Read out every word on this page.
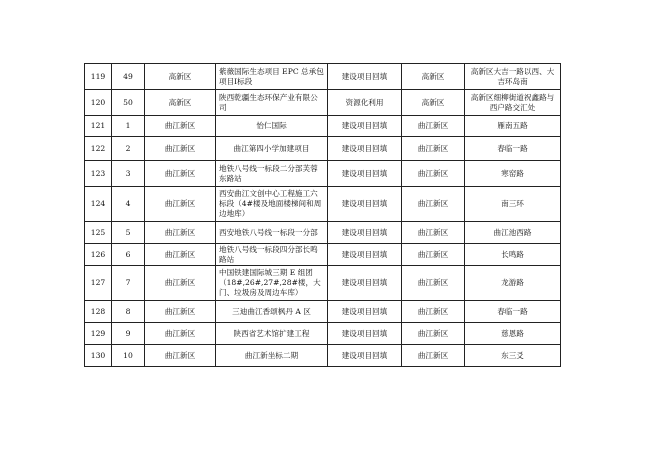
119	49	高新区	紫薇国际生态项目 EPC 总承包项目Ⅰ标段	建设项目回填	高新区	高新区大吉一路以西、大吉环岛南
120	50	高新区	陕西乾疆生态环保产业有限公司	资源化利用	高新区	高新区细柳街道祝鑫路与西户路交汇处
121	1	曲江新区	怡仁国际	建设项目回填	曲江新区	雁南五路
122	2	曲江新区	曲江第四小学加建项目	建设项目回填	曲江新区	春临一路
123	3	曲江新区	地铁八号线一标段二分部芙蓉东路站	建设项目回填	曲江新区	寒窑路
124	4	曲江新区	西安曲江文创中心工程施工六标段（4#楼及地面楼梯间和周边地库）	建设项目回填	曲江新区	南三环
125	5	曲江新区	西安地铁八号线一标段一分部	建设项目回填	曲江新区	曲江池西路
126	6	曲江新区	地铁八号线一标段四分部长鸣路站	建设项目回填	曲江新区	长鸣路
127	7	曲江新区	中国铁建国际城三期 E 组团（18#,26#,27#,28#楼，大门、垃圾房及周边车库）	建设项目回填	曲江新区	龙游路
128	8	曲江新区	三迪曲江香颂枫丹 A 区	建设项目回填	曲江新区	春临一路
129	9	曲江新区	陕西省艺术馆扩建工程	建设项目回填	曲江新区	慈恩路
130	10	曲江新区	曲江新坐标二期	建设项目回填	曲江新区	东三爻
